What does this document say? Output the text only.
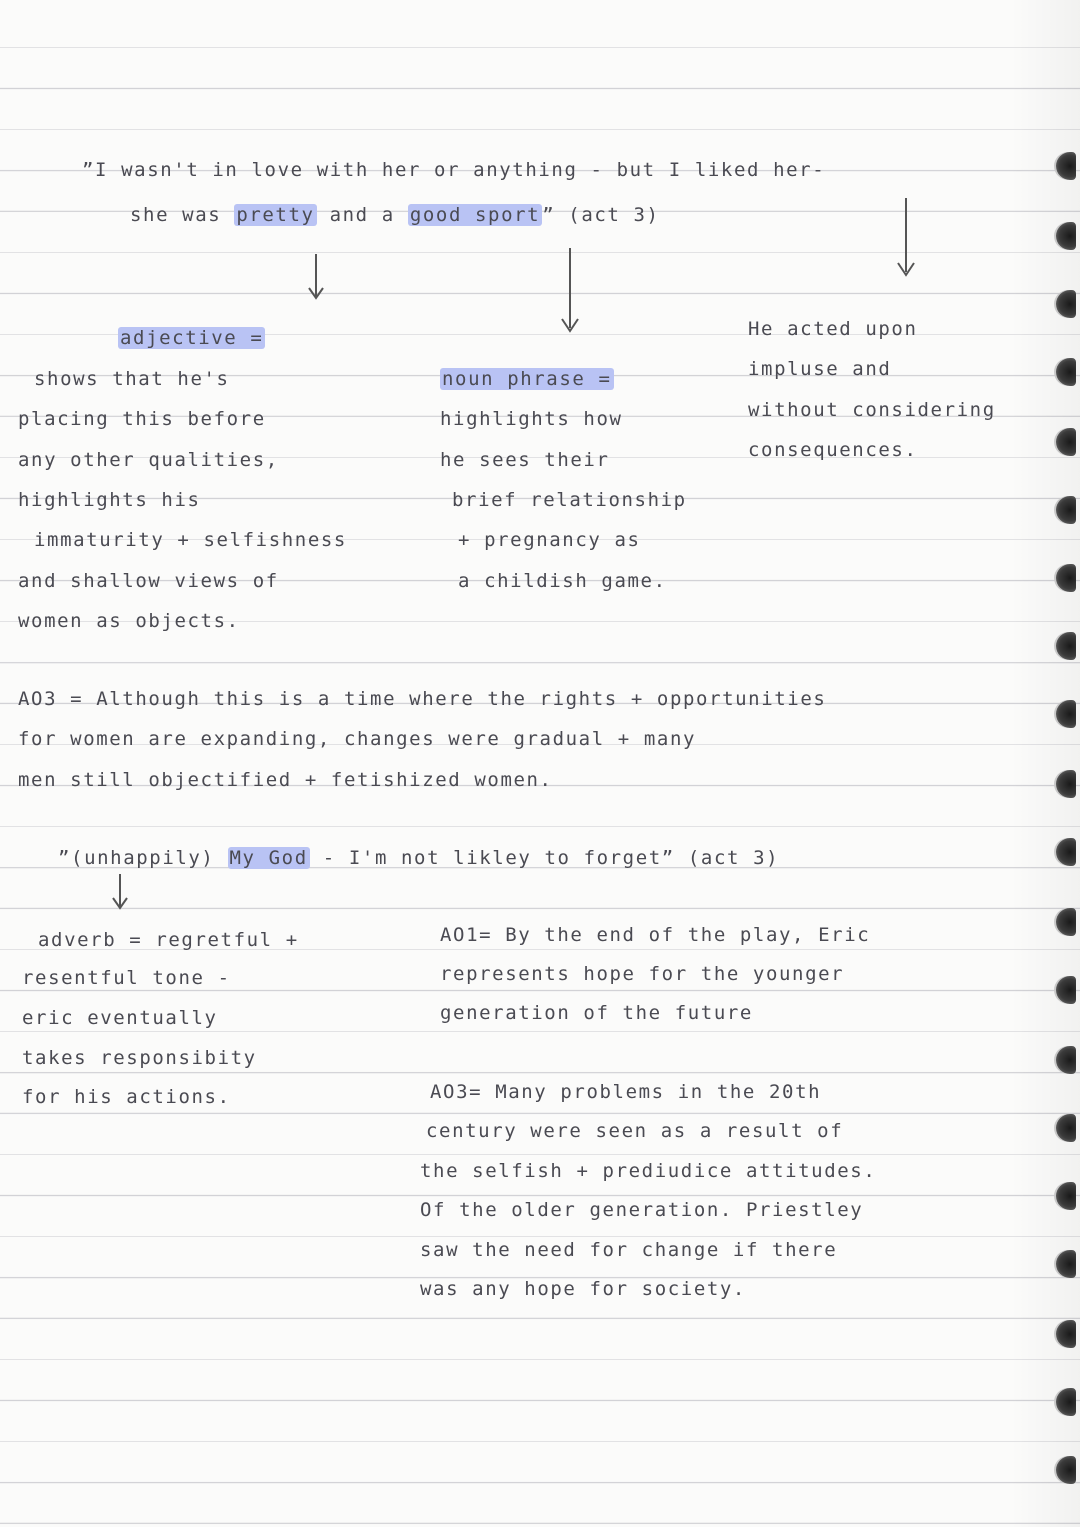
”I wasn't in love with her or anything - but I liked her-
she was pretty and a good sport ” (act 3)
adjective =
shows that he's
placing this before
any other qualities,
highlights his
immaturity + selfishness
and shallow views of
women as objects.
noun phrase =
highlights how
he sees their
brief relationship
+ pregnancy as
a childish game.
He acted upon
impluse and
without considering
consequences.
AO3 = Although this is a time where the rights + opportunities
for women are expanding, changes were gradual + many
men still objectified + fetishized women.
”(unhappily) My God - I'm not likley to forget” (act 3)
adverb = regretful +
resentful tone -
eric eventually
takes responsibity
for his actions.
AO1= By the end of the play, Eric
represents hope for the younger
generation of the future
AO3= Many problems in the 20th
century were seen as a result of
the selfish + prediudice attitudes.
Of the older generation. Priestley
saw the need for change if there
was any hope for society.
